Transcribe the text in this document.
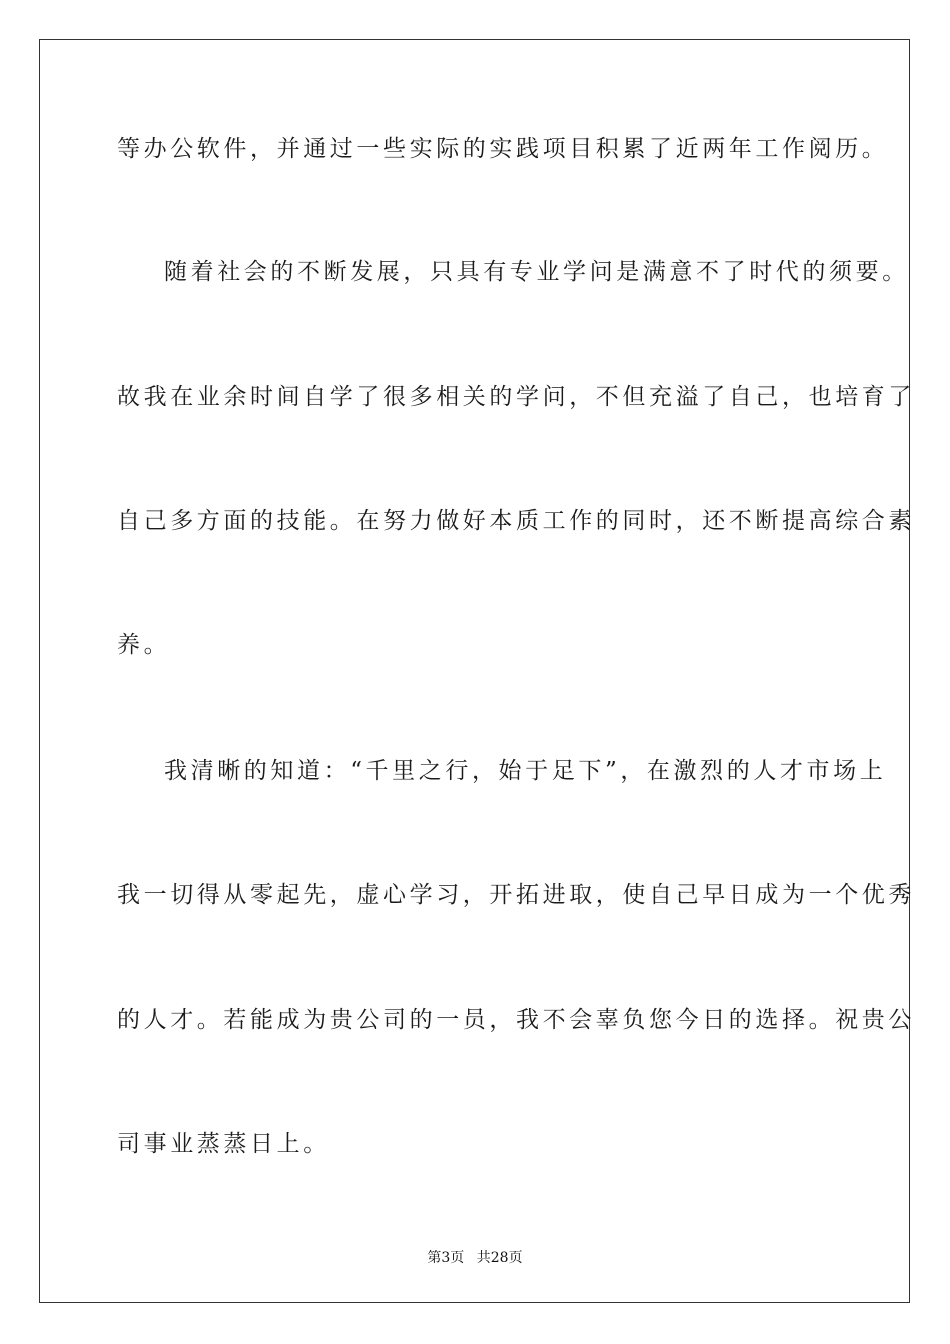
等办公软件，并通过一些实际的实践项目积累了近两年工作阅历。
随着社会的不断发展，只具有专业学问是满意不了时代的须要。
故我在业余时间自学了很多相关的学问，不但充溢了自己，也培育了
自己多方面的技能。在努力做好本质工作的同时，还不断提高综合素
养。
我清晰的知道：“千里之行，始于足下”，在激烈的人才市场上
我一切得从零起先，虚心学习，开拓进取，使自己早日成为一个优秀
的人才。若能成为贵公司的一员，我不会辜负您今日的选择。祝贵公
司事业蒸蒸日上。
第3页 共28页
